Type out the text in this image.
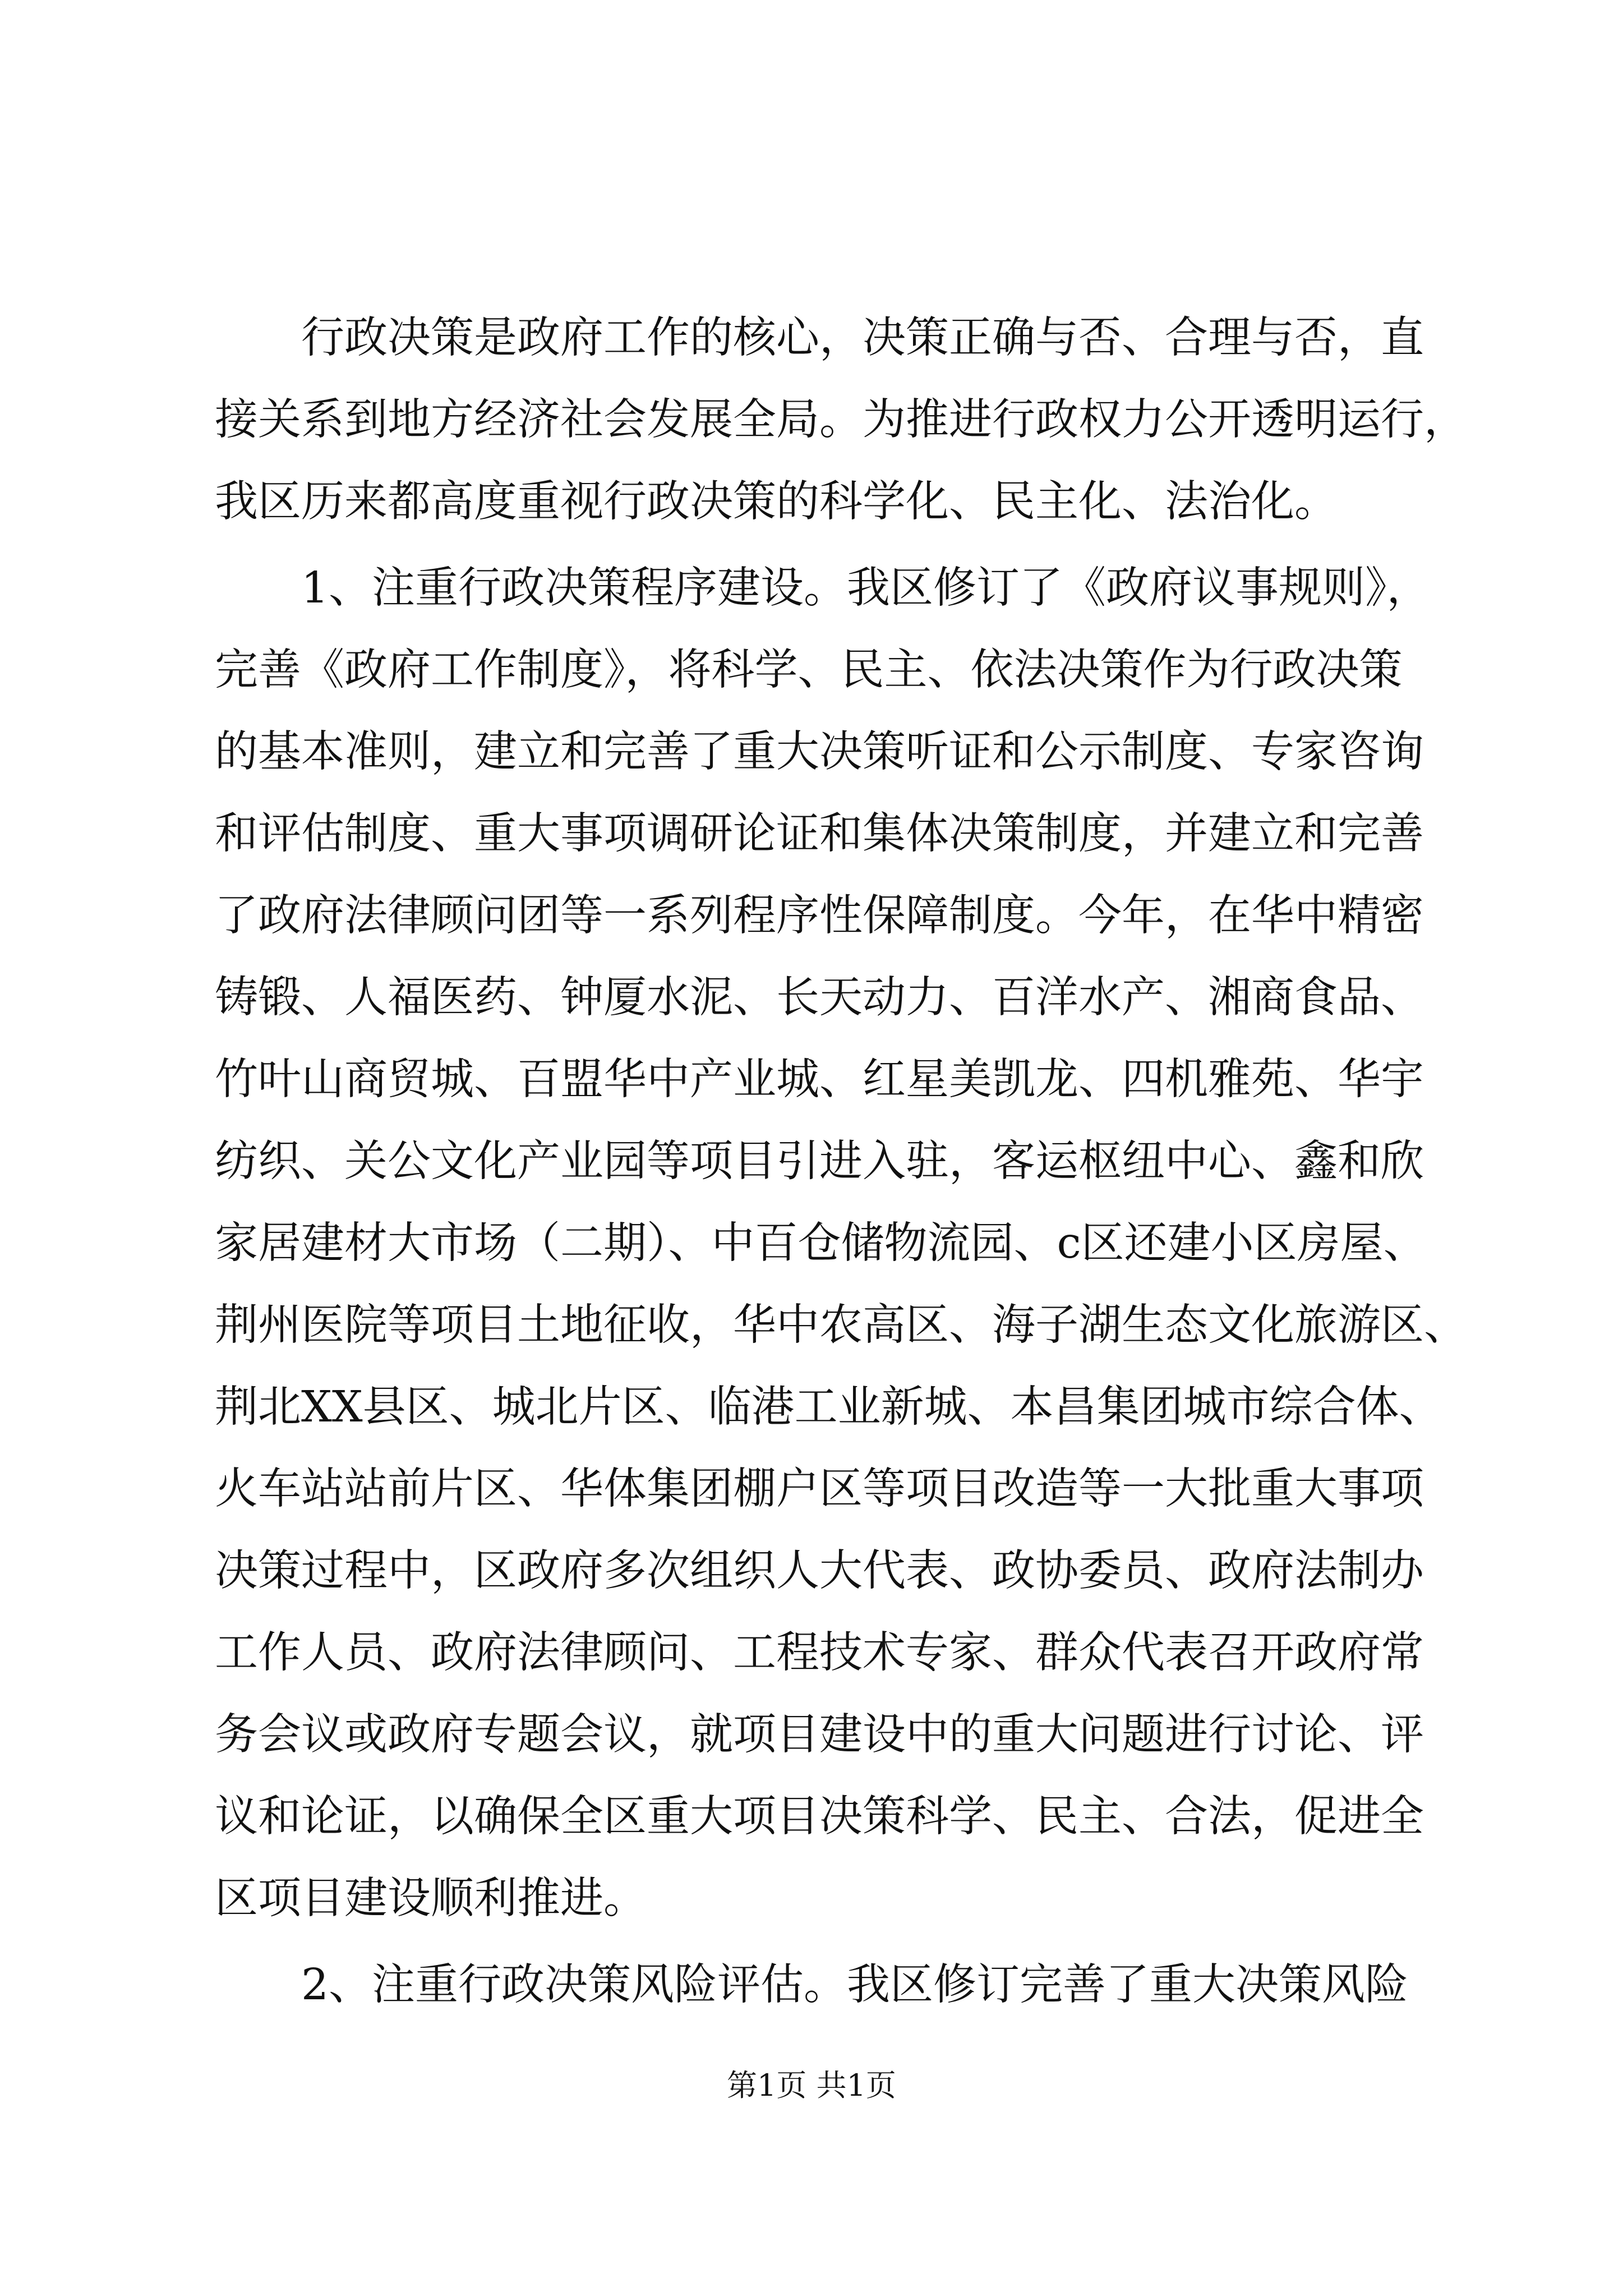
　　行政决策是政府工作的核心，决策正确与否、合理与否，直
接关系到地方经济社会发展全局。为推进行政权力公开透明运行，
我区历来都高度重视行政决策的科学化、民主化、法治化。
　　1、注重行政决策程序建设。我区修订了《政府议事规则》，
完善《政府工作制度》，将科学、民主、依法决策作为行政决策
的基本准则，建立和完善了重大决策听证和公示制度、专家咨询
和评估制度、重大事项调研论证和集体决策制度，并建立和完善
了政府法律顾问团等一系列程序性保障制度。今年，在华中精密
铸锻、人福医药、钟厦水泥、长天动力、百洋水产、湘商食品、
竹叶山商贸城、百盟华中产业城、红星美凯龙、四机雅苑、华宇
纺织、关公文化产业园等项目引进入驻，客运枢纽中心、鑫和欣
家居建材大市场（二期）、中百仓储物流园、c区还建小区房屋、
荆州医院等项目土地征收，华中农高区、海子湖生态文化旅游区、
荆北XX县区、城北片区、临港工业新城、本昌集团城市综合体、
火车站站前片区、华体集团棚户区等项目改造等一大批重大事项
决策过程中，区政府多次组织人大代表、政协委员、政府法制办
工作人员、政府法律顾问、工程技术专家、群众代表召开政府常
务会议或政府专题会议，就项目建设中的重大问题进行讨论、评
议和论证，以确保全区重大项目决策科学、民主、合法，促进全
区项目建设顺利推进。
　　2、注重行政决策风险评估。我区修订完善了重大决策风险
第1页 共1页
